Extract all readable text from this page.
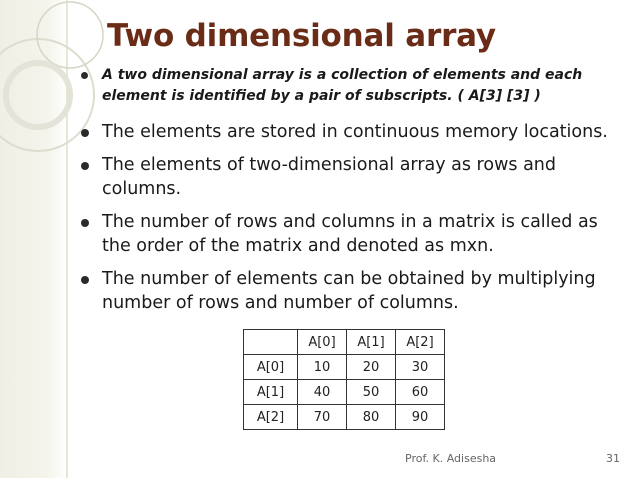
Two dimensional array
A two dimensional array is a collection of elements and each element is identified by a pair of subscripts. ( A[3] [3] )
The elements are stored in continuous memory locations.
The elements of two-dimensional array as rows and columns.
The number of rows and columns in a matrix is called as the order of the matrix and denoted as mxn.
The number of elements can be obtained by multiplying number of rows and number of columns.
	A[0]	A[1]	A[2]
A[0]	10	20	30
A[1]	40	50	60
A[2]	70	80	90
Prof. K. Adisesha	31
